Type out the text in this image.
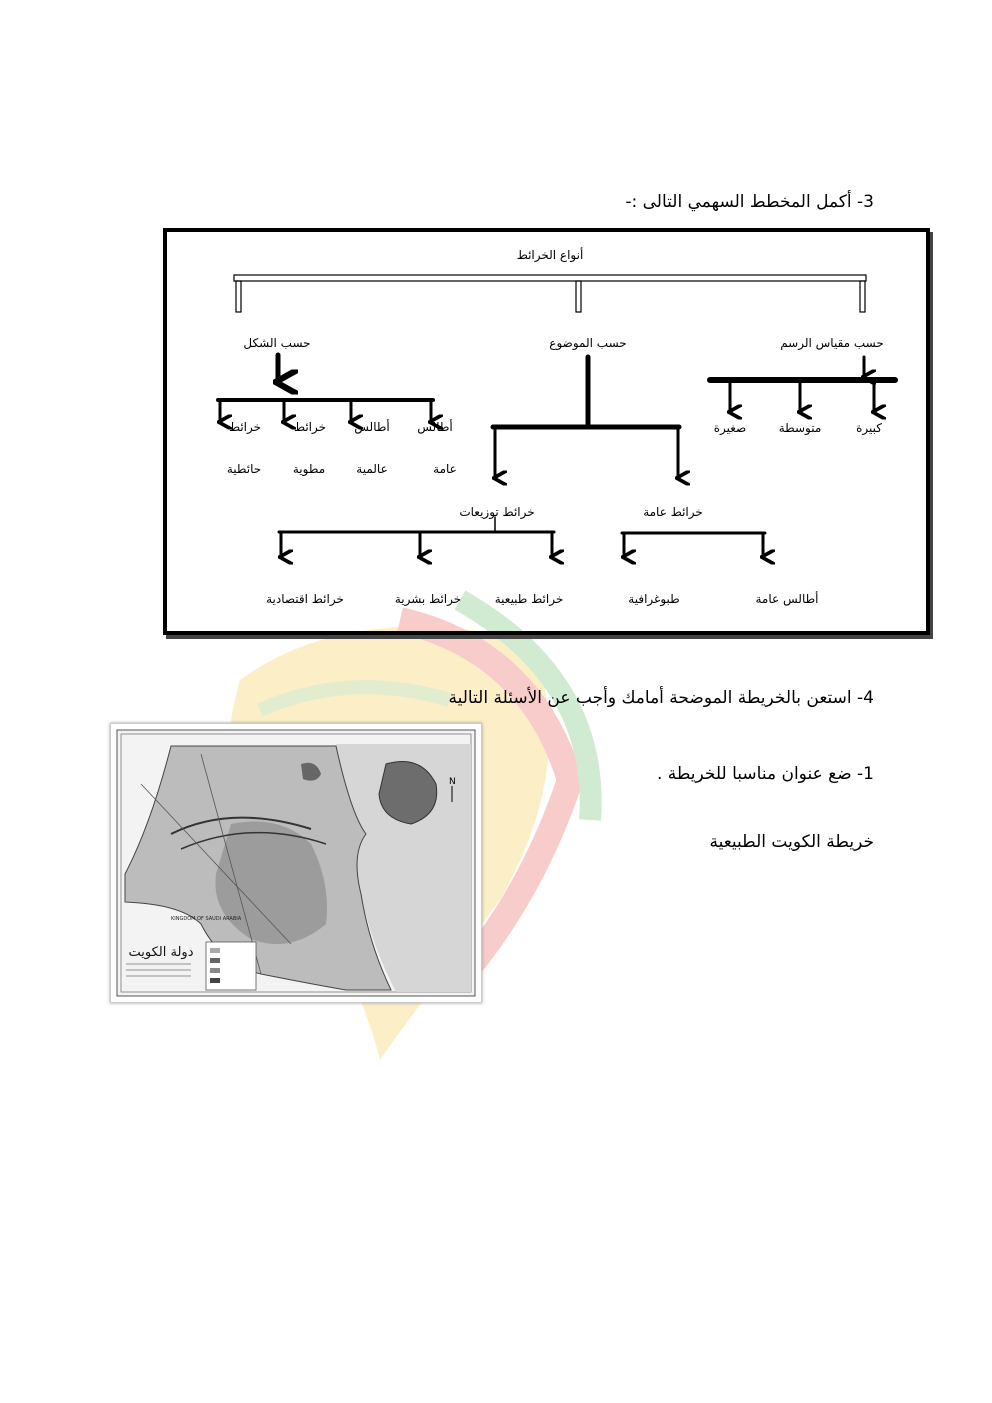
3- أكمل المخطط السهمي التالى :-
أنواع الخرائط
حسب الشكل	حسب الموضوع	حسب مقياس الرسم
صغيرة	متوسطة	كبيرة
خرائط	خرائط أطالس أطالس
حائطية	مطوية	عالمية	عامة
خرائط توزيعات	خرائط عامة
خرائط اقتصادية	خرائط بشرية	خرائط طبيعية	طبوغرافية	أطالس عامة
4- استعن بالخريطة الموضحة أمامك وأجب عن الأسئلة التالية
1- ضع عنوان مناسبا للخريطة .
خريطة الكويت الطبيعية
N
KINGDOM OF SAUDI ARABIA
دولة الكويت
